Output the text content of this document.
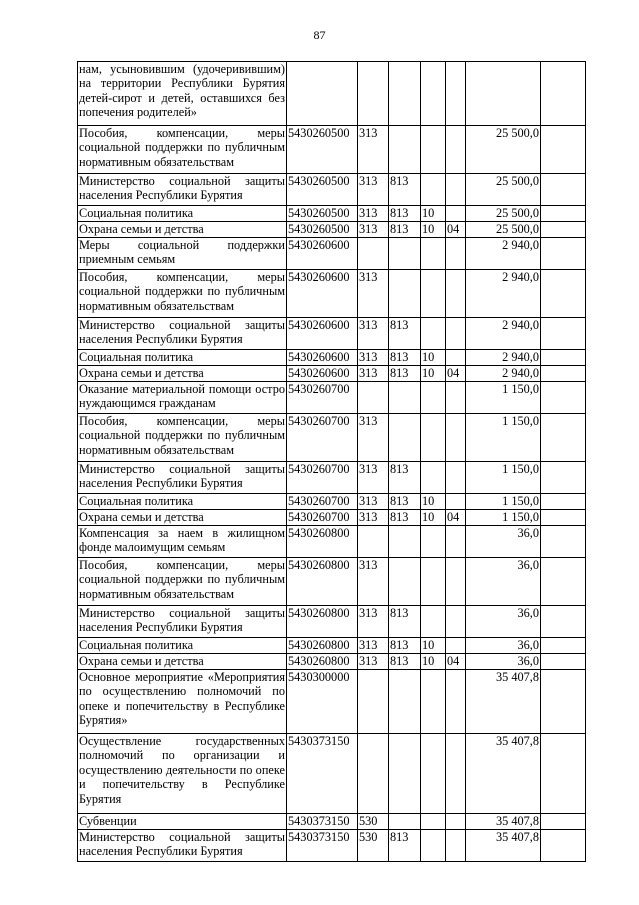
87
нам, усыновившим (удочеривившим) на территории Республики Бурятия детей-сирот и детей, оставшихся без попечения родителей»							
Пособия, компенсации, меры социальной поддержки по публичным нормативным обязательствам	5430260500	313				25 500,0	
Министерство социальной защиты населения Республики Бурятия	5430260500	313	813			25 500,0	
Социальная политика	5430260500	313	813	10		25 500,0	
Охрана семьи и детства	5430260500	313	813	10	04	25 500,0	
Меры социальной поддержки приемным семьям	5430260600					2 940,0	
Пособия, компенсации, меры социальной поддержки по публичным нормативным обязательствам	5430260600	313				2 940,0	
Министерство социальной защиты населения Республики Бурятия	5430260600	313	813			2 940,0	
Социальная политика	5430260600	313	813	10		2 940,0	
Охрана семьи и детства	5430260600	313	813	10	04	2 940,0	
Оказание материальной помощи остро нуждающимся гражданам	5430260700					1 150,0	
Пособия, компенсации, меры социальной поддержки по публичным нормативным обязательствам	5430260700	313				1 150,0	
Министерство социальной защиты населения Республики Бурятия	5430260700	313	813			1 150,0	
Социальная политика	5430260700	313	813	10		1 150,0	
Охрана семьи и детства	5430260700	313	813	10	04	1 150,0	
Компенсация за наем в жилищном фонде малоимущим семьям	5430260800					36,0	
Пособия, компенсации, меры социальной поддержки по публичным нормативным обязательствам	5430260800	313				36,0	
Министерство социальной защиты населения Республики Бурятия	5430260800	313	813			36,0	
Социальная политика	5430260800	313	813	10		36,0	
Охрана семьи и детства	5430260800	313	813	10	04	36,0	
Основное мероприятие «Мероприятия по осуществлению полномочий по опеке и попечительству в Республике Бурятия»	5430300000					35 407,8	
Осуществление государственных полномочий по организации и осуществлению деятельности по опеке и попечительству в Республике Бурятия	5430373150					35 407,8	
Субвенции	5430373150	530				35 407,8	
Министерство социальной защиты населения Республики Бурятия	5430373150	530	813			35 407,8	
